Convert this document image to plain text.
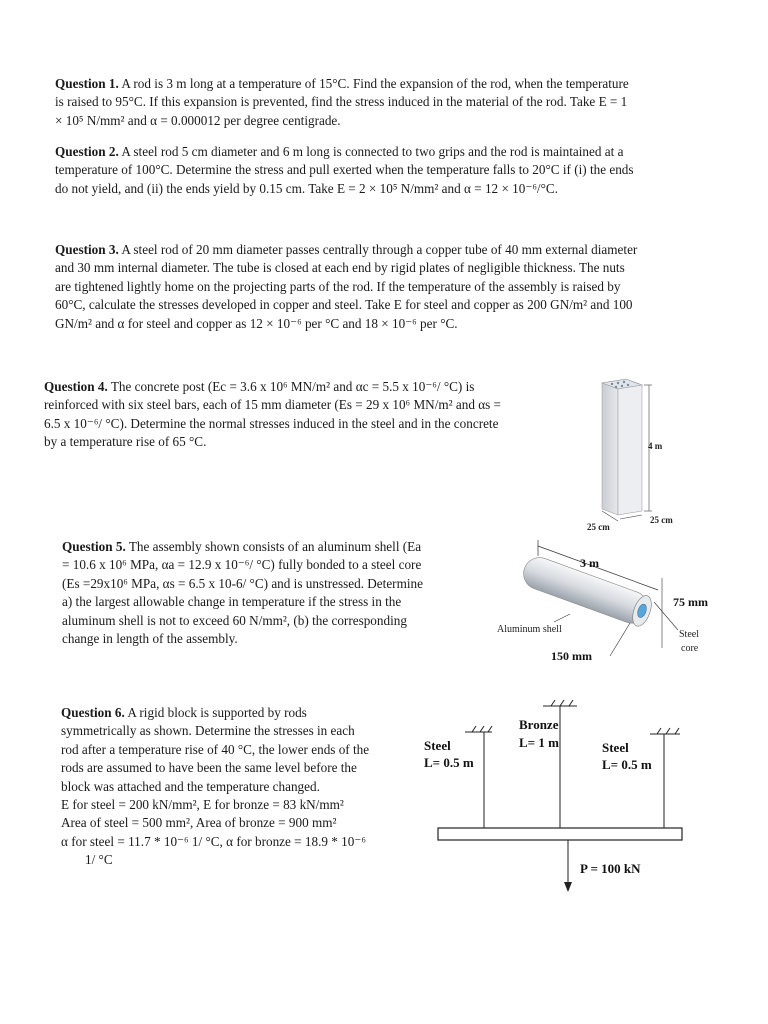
Question 1. A rod is 3 m long at a temperature of 15°C. Find the expansion of the rod, when the temperature
is raised to 95°C. If this expansion is prevented, find the stress induced in the material of the rod. Take E = 1
× 10⁵ N/mm² and α = 0.000012 per degree centigrade.
Question 2. A steel rod 5 cm diameter and 6 m long is connected to two grips and the rod is maintained at a
temperature of 100°C. Determine the stress and pull exerted when the temperature falls to 20°C if (i) the ends
do not yield, and (ii) the ends yield by 0.15 cm. Take E = 2 × 10⁵ N/mm² and α = 12 × 10⁻⁶/°C.
Question 3. A steel rod of 20 mm diameter passes centrally through a copper tube of 40 mm external diameter
and 30 mm internal diameter. The tube is closed at each end by rigid plates of negligible thickness. The nuts
are tightened lightly home on the projecting parts of the rod. If the temperature of the assembly is raised by
60°C, calculate the stresses developed in copper and steel. Take E for steel and copper as 200 GN/m² and 100
GN/m² and α for steel and copper as 12 × 10⁻⁶ per °C and 18 × 10⁻⁶ per °C.
Question 4. The concrete post (Ec = 3.6 x 10⁶ MN/m² and αc = 5.5 x 10⁻⁶/ °C) is
reinforced with six steel bars, each of 15 mm diameter (Es = 29 x 10⁶ MN/m² and αs =
6.5 x 10⁻⁶/ °C). Determine the normal stresses induced in the steel and in the concrete
by a temperature rise of 65 °C.	4 m
25 cm
25 cm
Question 5. The assembly shown consists of an aluminum shell (Ea
= 10.6 x 10⁶ MPa, αa = 12.9 x 10⁻⁶/ °C) fully bonded to a steel core
(Es =29x10⁶ MPa, αs = 6.5 x 10-6/ °C) and is unstressed. Determine
a) the largest allowable change in temperature if the stress in the
aluminum shell is not to exceed 60 N/mm², (b) the corresponding
change in length of the assembly.
3 m
75 mm
150 mm
Aluminum shell	Steel
core
Question 6. A rigid block is supported by rods
symmetrically as shown. Determine the stresses in each
rod after a temperature rise of 40 °C, the lower ends of the
rods are assumed to have been the same level before the
block was attached and the temperature changed.
E for steel = 200 kN/mm², E for bronze = 83 kN/mm²
Area of steel = 500 mm², Area of bronze = 900 mm²
α for steel = 11.7 * 10⁻⁶ 1/ °C, α for bronze = 18.9 * 10⁻⁶
1/ °C
Steel
L= 0.5 m
Bronze
L= 1 m	Steel
L= 0.5 m
P = 100 kN
